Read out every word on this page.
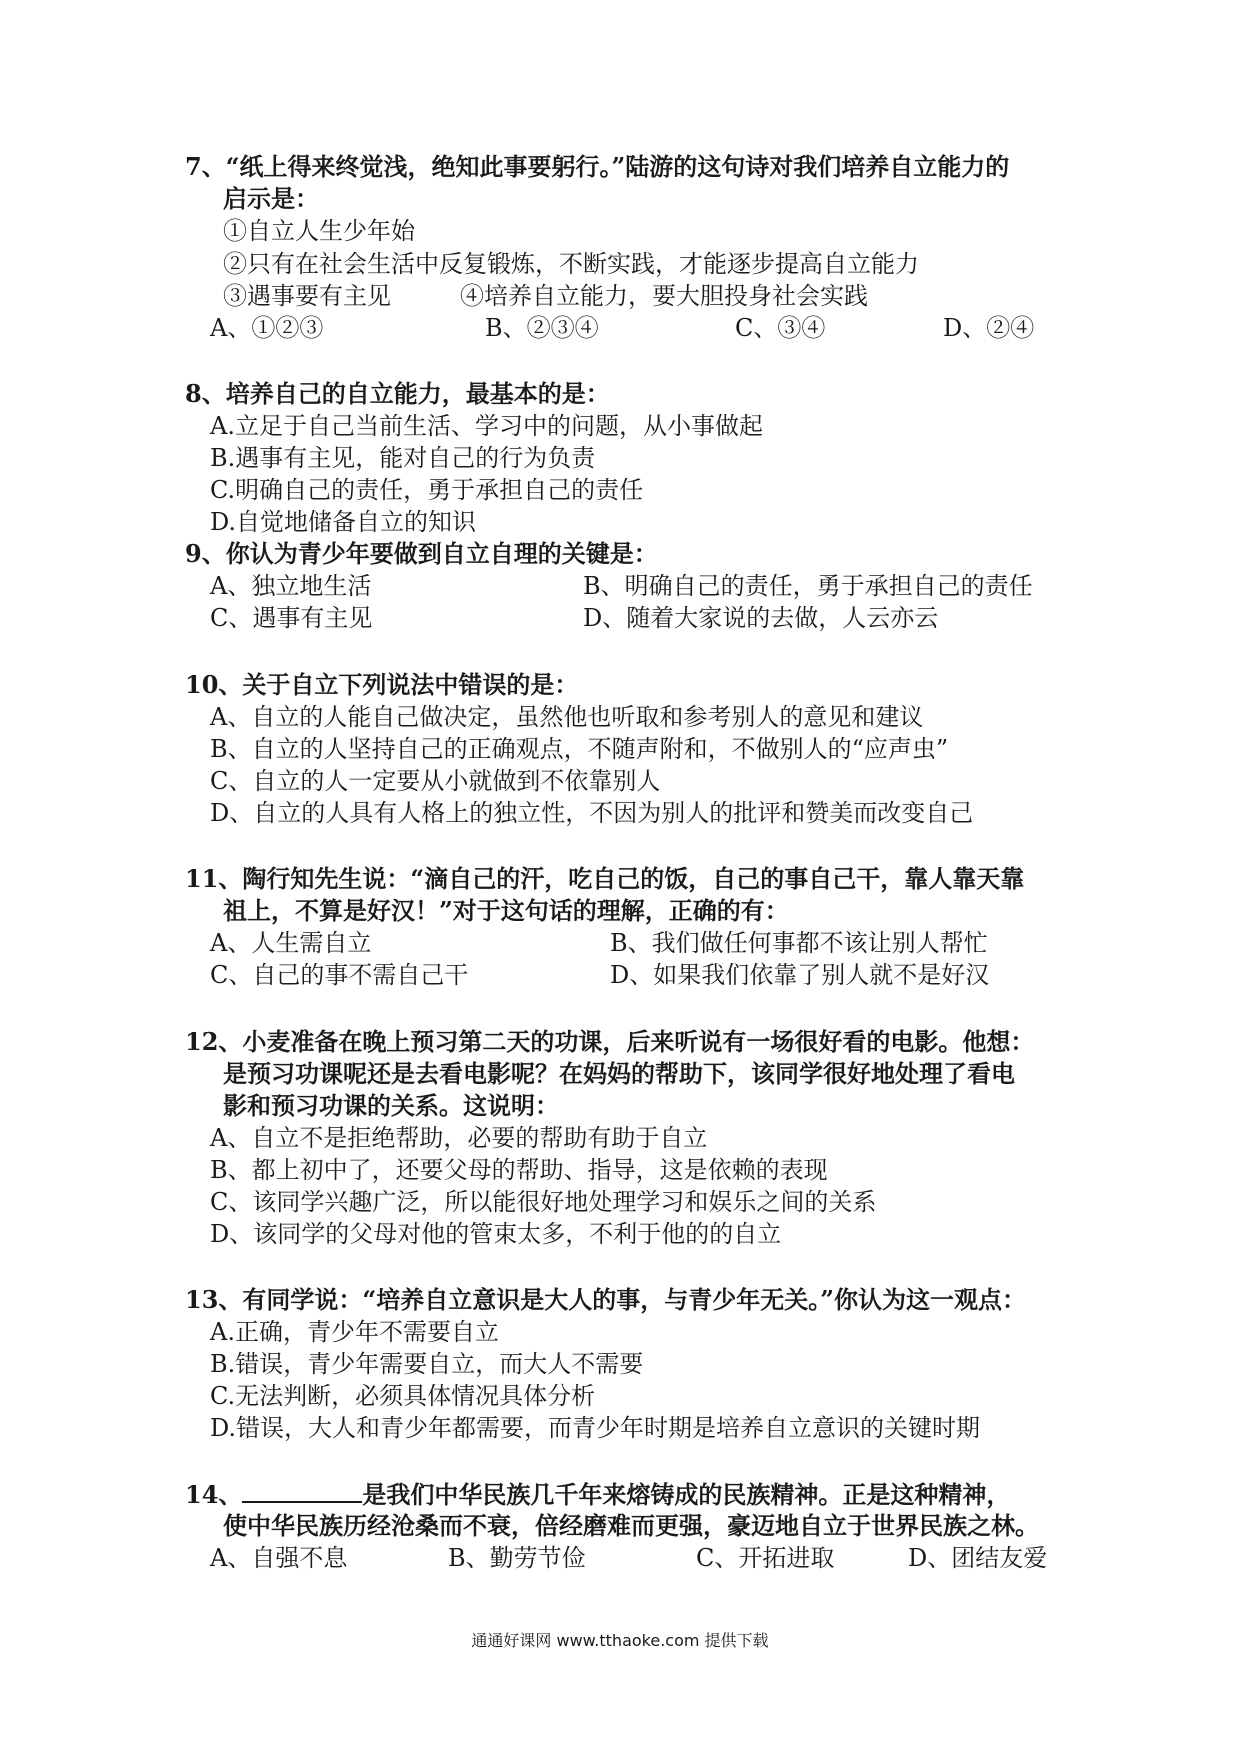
7、“纸上得来终觉浅，绝知此事要躬行。”陆游的这句诗对我们培养自立能力的
启示是：
①自立人生少年始
②只有在社会生活中反复锻炼，不断实践，才能逐步提高自立能力
③遇事要有主见	④培养自立能力，要大胆投身社会实践
A、①②③	B、②③④	C、③④	D、②④
8、培养自己的自立能力，最基本的是：
A.立足于自己当前生活、学习中的问题，从小事做起
B.遇事有主见，能对自己的行为负责
C.明确自己的责任，勇于承担自己的责任
D.自觉地储备自立的知识
9、你认为青少年要做到自立自理的关键是：
A、独立地生活	B、明确自己的责任，勇于承担自己的责任
C、遇事有主见	D、随着大家说的去做，人云亦云
10、关于自立下列说法中错误的是：
A、自立的人能自己做决定，虽然他也听取和参考别人的意见和建议
B、自立的人坚持自己的正确观点，不随声附和，不做别人的“应声虫”
C、自立的人一定要从小就做到不依靠别人
D、自立的人具有人格上的独立性，不因为别人的批评和赞美而改变自己
11、陶行知先生说：“滴自己的汗，吃自己的饭，自己的事自己干，靠人靠天靠
祖上，不算是好汉！”对于这句话的理解，正确的有：
A、人生需自立	B、我们做任何事都不该让别人帮忙
C、自己的事不需自己干	D、如果我们依靠了别人就不是好汉
12、小麦准备在晚上预习第二天的功课，后来听说有一场很好看的电影。他想：
是预习功课呢还是去看电影呢？在妈妈的帮助下，该同学很好地处理了看电
影和预习功课的关系。这说明：
A、自立不是拒绝帮助，必要的帮助有助于自立
B、都上初中了，还要父母的帮助、指导，这是依赖的表现
C、该同学兴趣广泛，所以能很好地处理学习和娱乐之间的关系
D、该同学的父母对他的管束太多，不利于他的的自立
13、有同学说：“培养自立意识是大人的事，与青少年无关。”你认为这一观点：
A.正确，青少年不需要自立
B.错误，青少年需要自立，而大人不需要
C.无法判断，必须具体情况具体分析
D.错误，大人和青少年都需要，而青少年时期是培养自立意识的关键时期
14、	是我们中华民族几千年来熔铸成的民族精神。正是这种精神，
使中华民族历经沧桑而不衰，倍经磨难而更强，豪迈地自立于世界民族之林。
A、自强不息	B、勤劳节俭	C、开拓进取	D、团结友爱
通通好课网 www.tthaoke.com 提供下载
